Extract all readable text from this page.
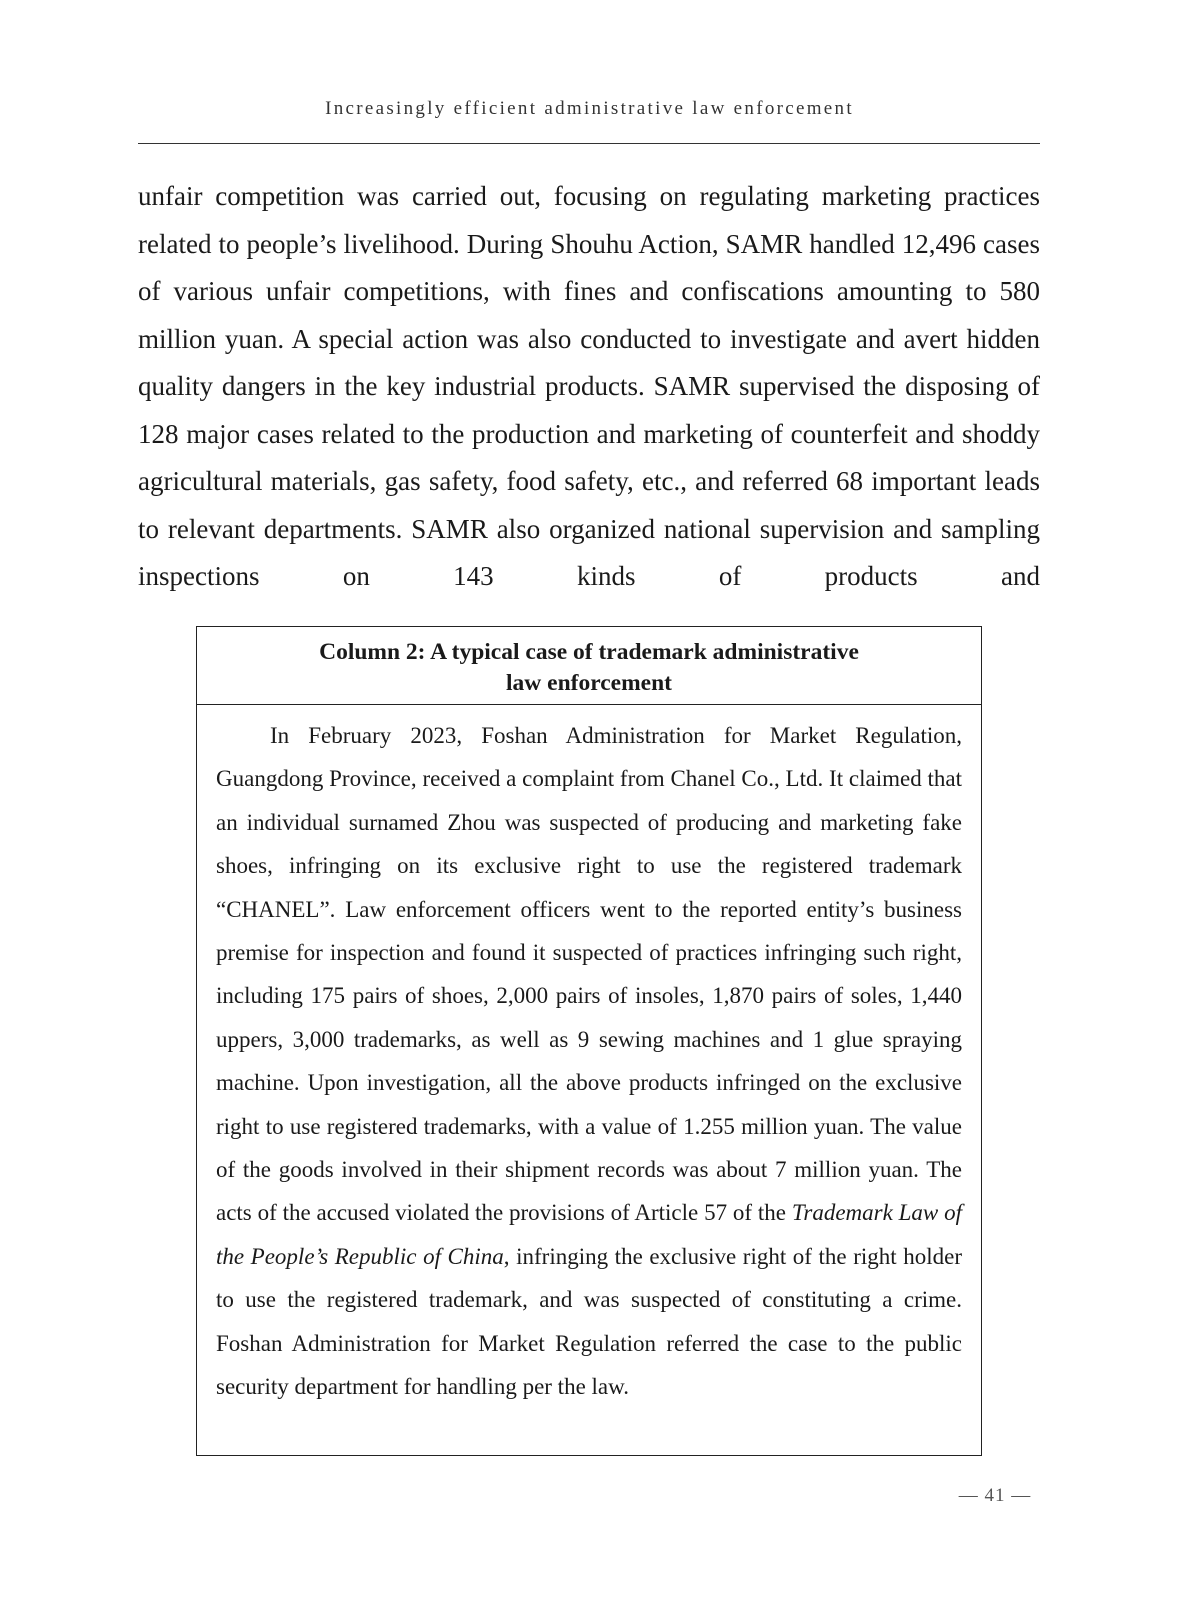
Increasingly efficient administrative law enforcement

unfair competition was carried out, focusing on regulating marketing practices related to people’s livelihood. During Shouhu Action, SAMR handled 12,496 cases of various unfair competitions, with fines and confiscations amounting to 580 million yuan. A special action was also conducted to investigate and avert hidden quality dangers in the key industrial products. SAMR supervised the disposing of 128 major cases related to the production and marketing of counterfeit and shoddy agricultural materials, gas safety, food safety, etc., and referred 68 important leads to relevant departments. SAMR also organized national supervision and sampling inspections on 143 kinds of products and

Column 2: A typical case of trademark administrative
law enforcement

In February 2023, Foshan Administration for Market Regulation, Guangdong Province, received a complaint from Chanel Co., Ltd. It claimed that an individual surnamed Zhou was suspected of producing and marketing fake shoes, infringing on its exclusive right to use the registered trademark “CHANEL”. Law enforcement officers went to the reported entity’s business premise for inspection and found it suspected of practices infringing such right, including 175 pairs of shoes, 2,000 pairs of insoles, 1,870 pairs of soles, 1,440 uppers, 3,000 trademarks, as well as 9 sewing machines and 1 glue spraying machine. Upon investigation, all the above products infringed on the exclusive right to use registered trademarks, with a value of 1.255 million yuan. The value of the goods involved in their shipment records was about 7 million yuan. The acts of the accused violated the provisions of Article 57 of the Trademark Law of the People’s Republic of China, infringing the exclusive right of the right holder to use the registered trademark, and was suspected of constituting a crime. Foshan Administration for Market Regulation referred the case to the public security department for handling per the law.

— 41 —
